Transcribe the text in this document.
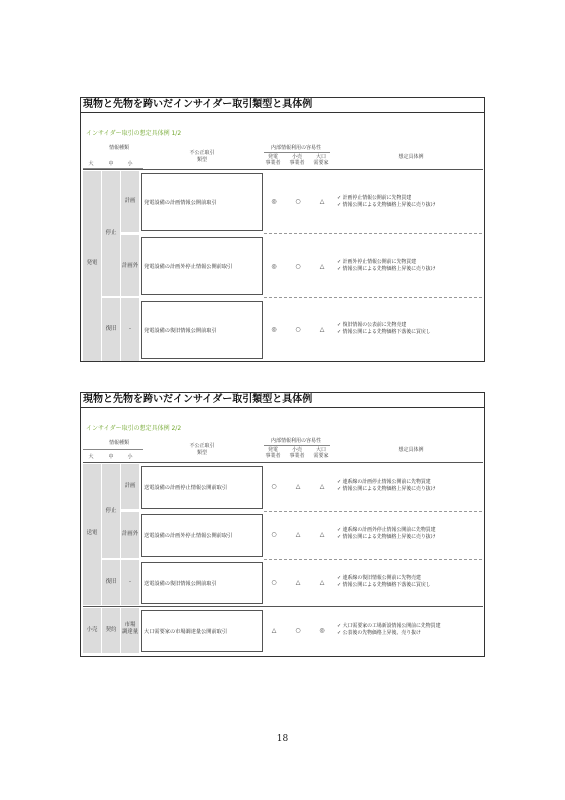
現物と先物を跨いだインサイダー取引類型と具体例
インサイダー取引の想定具体例 1/2
情報種類
大	中	小
不公正取引
類型
内部情報利用の容易性
発電
事業者
小売
事業者
大口
需要家
想定具体例
発電
停止
計画	発電設備の計画情報公開前取引	◎	○	△	✓ 計画停止情報公開前に先物買建
✓ 情報公開による先物価格上昇後に売り抜け
計画外	発電設備の計画外停止情報公開前取引	◎	○	△
✓ 計画外停止情報公開前に先物買建
✓ 情報公開による先物価格上昇後に売り抜け
復旧	-	発電設備の復旧情報公開前取引	◎	○	△
✓ 復旧情報の公表前に先物売建
✓ 情報公開による先物価格下落後に買戻し
現物と先物を跨いだインサイダー取引類型と具体例
インサイダー取引の想定具体例 2/2
情報種類
大	中	小
不公正取引
類型
内部情報利用の容易性
発電
事業者
小売
事業者
大口
需要家
想定具体例
送電
停止
計画	送電設備の計画停止情報公開前取引	○	△	△
✓ 連系線の計画停止情報公開前に先物買建
✓ 情報公開による先物価格上昇後に売り抜け
計画外	送電設備の計画外停止情報公開前取引	○	△	△
✓ 連系線の計画外停止情報公開前に先物買建
✓ 情報公開による先物価格上昇後に売り抜け
復旧	-	送電設備の復旧情報公開前取引	○	△	△
✓ 連系線の復旧情報公開前に先物売建
✓ 情報公開による先物価格下落後に買戻し
小売	契約
市場
調達量	大口需要家の市場調達量公開前取引	△	○	◎
✓ 大口需要家の工場新設情報公開前に先物買建
✓ 公表後の先物価格上昇後、売り抜け
18
